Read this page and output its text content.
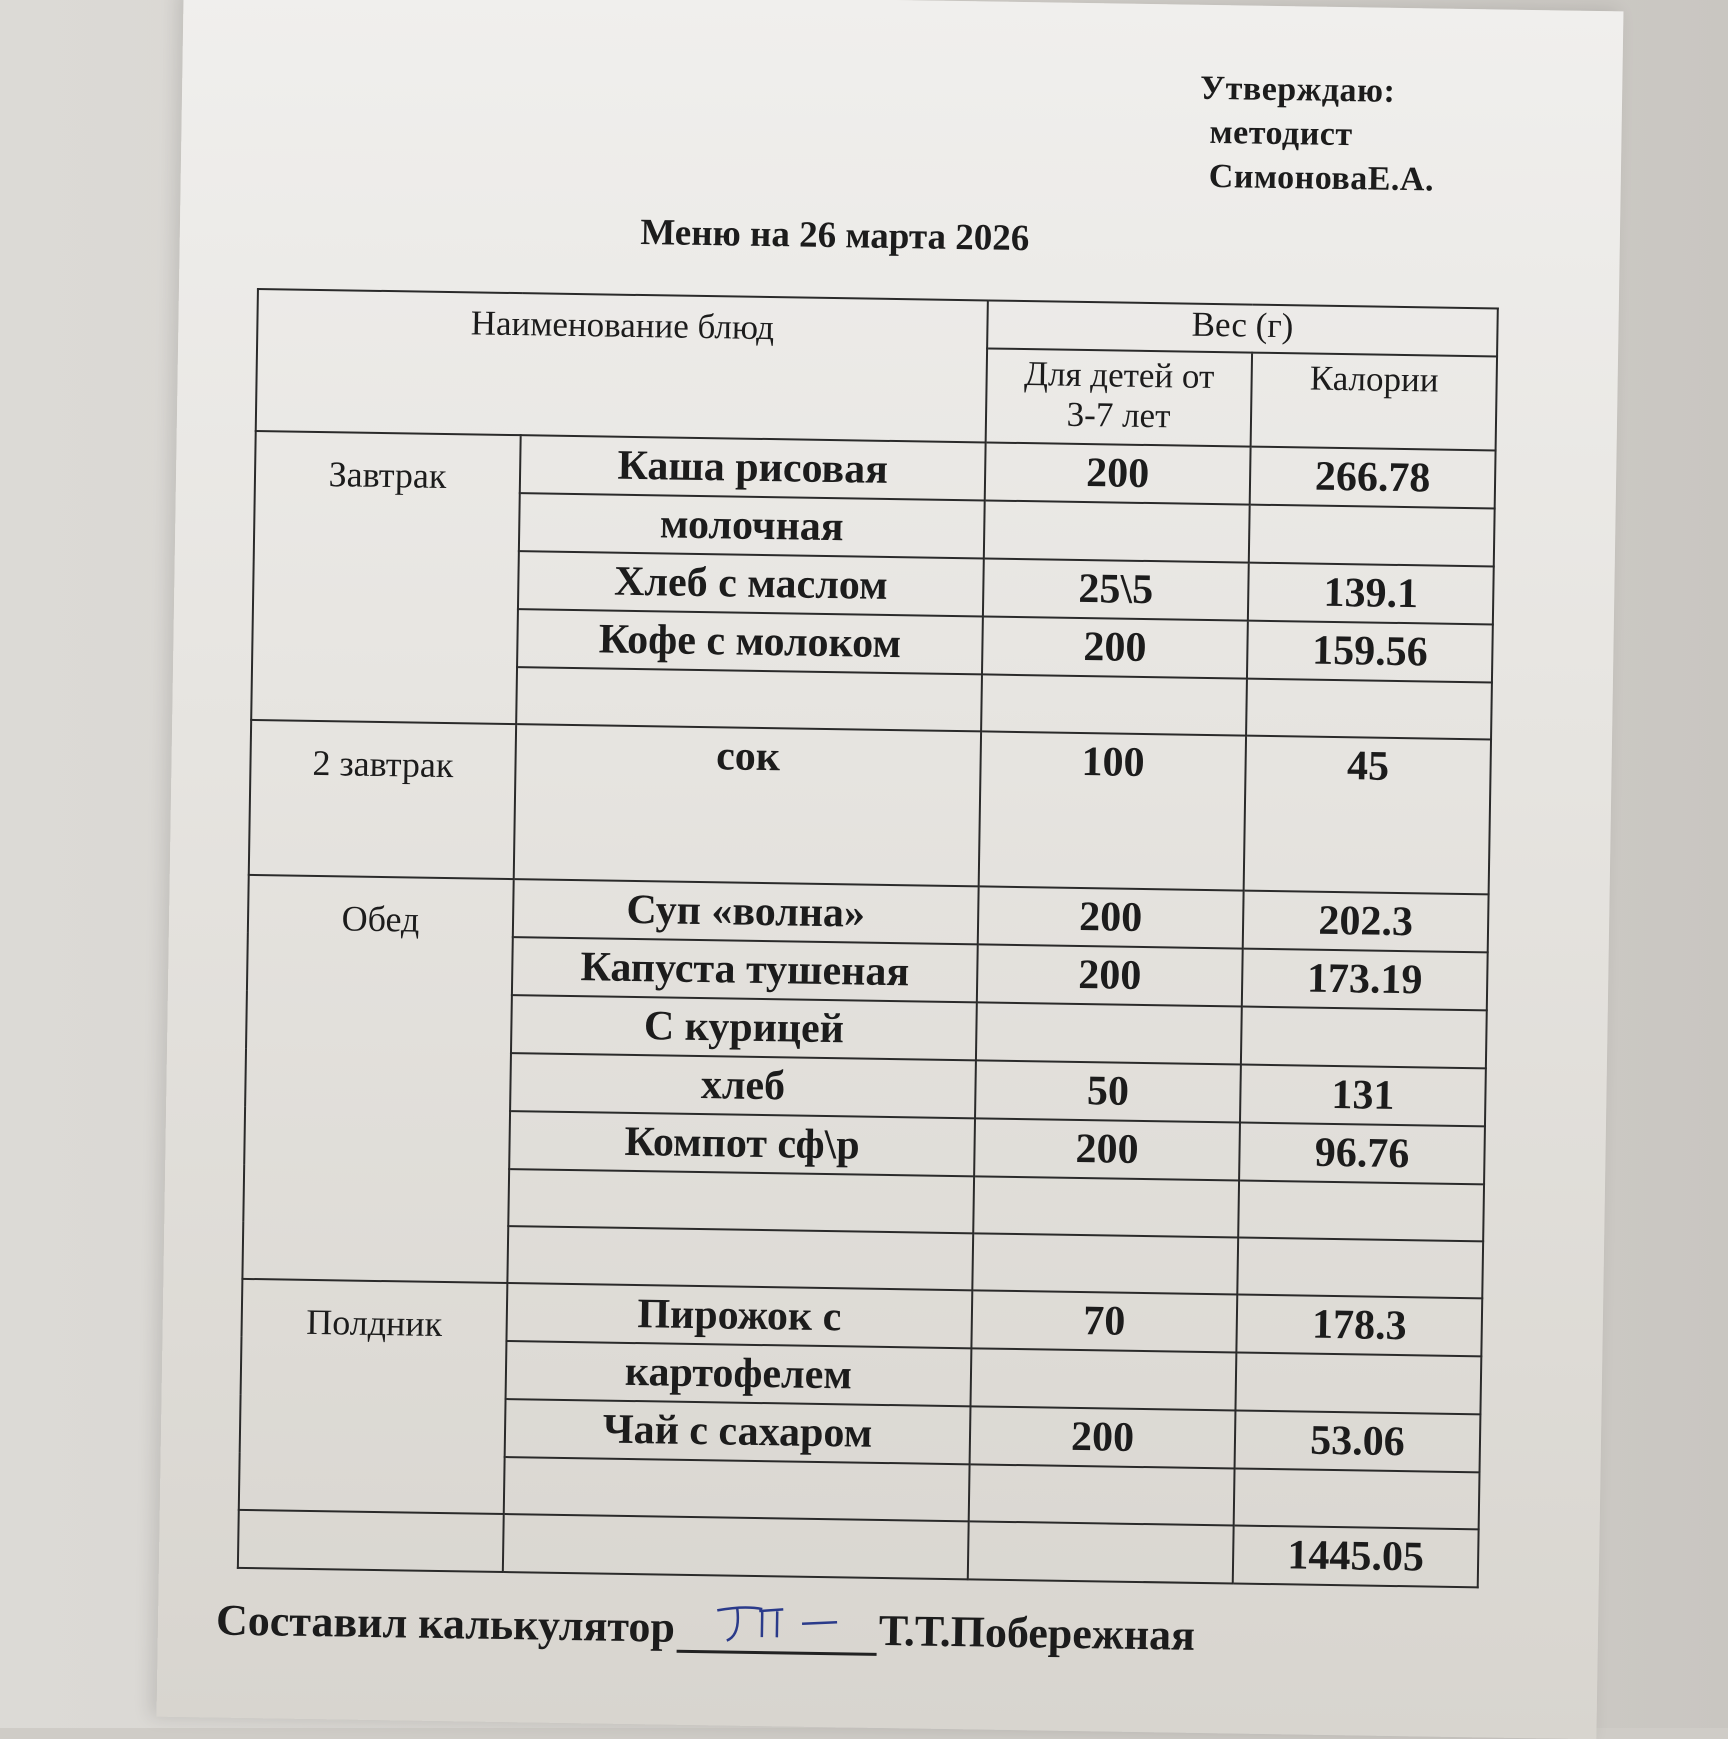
Утверждаю:
методист
СимоноваЕ.А.
Меню на 26 марта 2026
Наименование блюд		Вес (г)	
		Для детей от 3-7 лет	Калории
Завтрак	Каша рисовая	200	266.78
	молочная		
	Хлеб с маслом	25\5	139.1
	Кофе с молоком	200	159.56

2 завтрак	сок	100	45
Обед	Суп «волна»	200	202.3
	Капуста тушеная	200	173.19
	С курицей		
	хлеб	50	131
	Компот сф\р	200	96.76

Полдник	Пирожок с	70	178.3
	картофелем		
	Чай с сахаром	200	53.06

			1445.05
Составил калькулятор	Т.Т.Побережная
